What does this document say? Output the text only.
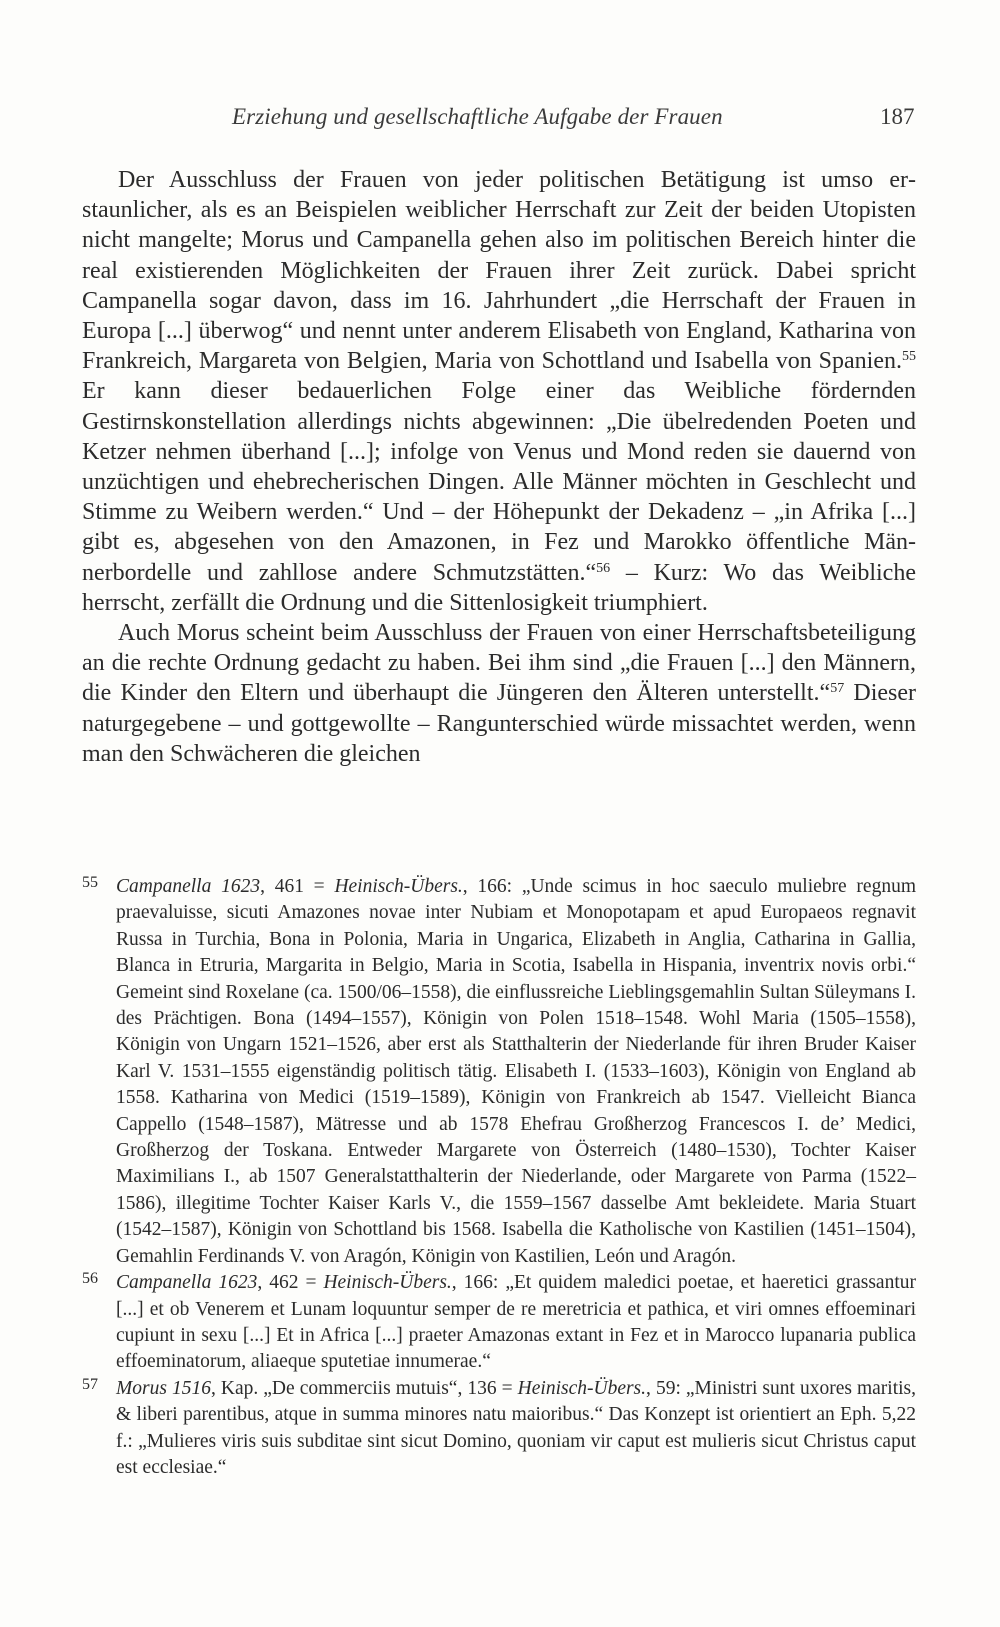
Erziehung und gesellschaftliche Aufgabe der Frauen	187

Der Ausschluss der Frauen von jeder politischen Betätigung ist umso erstaunlicher, als es an Beispielen weiblicher Herrschaft zur Zeit der beiden Utopisten nicht mangelte; Morus und Campanella gehen also im politischen Bereich hinter die real existierenden Möglichkeiten der Frauen ihrer Zeit zurück. Dabei spricht Campanella sogar davon, dass im 16. Jahrhundert „die Herrschaft der Frauen in Europa [...] überwog“ und nennt unter anderem Elisabeth von England, Katharina von Frankreich, Margareta von Belgien, Maria von Schottland und Isabella von Spanien.$^{55}$ Er kann dieser bedauerlichen Folge einer das Weibliche fördernden Gestirnskonstellation allerdings nichts abgewinnen: „Die übelredenden Poeten und Ketzer nehmen überhand [...]; infolge von Venus und Mond reden sie dauernd von unzüchtigen und ehebrecherischen Dingen. Alle Männer möchten in Geschlecht und Stimme zu Weibern werden.“ Und – der Höhepunkt der Dekadenz – „in Afrika [...] gibt es, abgesehen von den Amazonen, in Fez und Marokko öffentliche Männerbordelle und zahllose andere Schmutzstätten.“$^{56}$ – Kurz: Wo das Weibliche herrscht, zerfällt die Ordnung und die Sittenlosigkeit triumphiert.

Auch Morus scheint beim Ausschluss der Frauen von einer Herrschaftsbeteiligung an die rechte Ordnung gedacht zu haben. Bei ihm sind „die Frauen [...] den Männern, die Kinder den Eltern und überhaupt die Jüngeren den Älteren unterstellt.“$^{57}$ Dieser naturgegebene – und gottgewollte – Rangunterschied würde missachtet werden, wenn man den Schwächeren die gleichen

55 Campanella 1623, 461 = Heinisch-Übers., 166: „Unde scimus in hoc saeculo muliebre regnum praevaluisse, sicuti Amazones novae inter Nubiam et Monopotapam et apud Europaeos regnavit Russa in Turchia, Bona in Polonia, Maria in Ungarica, Elizabeth in Anglia, Catharina in Gallia, Blanca in Etruria, Margarita in Belgio, Maria in Scotia, Isabella in Hispania, inventrix novis orbi.“ Gemeint sind Roxelane (ca. 1500/06–1558), die einflussreiche Lieblingsgemahlin Sultan Süleymans I. des Prächtigen. Bona (1494–1557), Königin von Polen 1518–1548. Wohl Maria (1505–1558), Königin von Ungarn 1521–1526, aber erst als Statthalterin der Niederlande für ihren Bruder Kaiser Karl V. 1531–1555 eigenständig politisch tätig. Elisabeth I. (1533–1603), Königin von England ab 1558. Katharina von Medici (1519–1589), Königin von Frankreich ab 1547. Vielleicht Bianca Cappello (1548–1587), Mätresse und ab 1578 Ehefrau Großherzog Francescos I. de’ Medici, Großherzog der Toskana. Entweder Margarete von Österreich (1480–1530), Tochter Kaiser Maximilians I., ab 1507 Generalstatthalterin der Niederlande, oder Margarete von Parma (1522–1586), illegitime Tochter Kaiser Karls V., die 1559–1567 dasselbe Amt bekleidete. Maria Stuart (1542–1587), Königin von Schottland bis 1568. Isabella die Katholische von Kastilien (1451–1504), Gemahlin Ferdinands V. von Aragón, Königin von Kastilien, León und Aragón.

56 Campanella 1623, 462 = Heinisch-Übers., 166: „Et quidem maledici poetae, et haeretici grassantur [...] et ob Venerem et Lunam loquuntur semper de re meretricia et pathica, et viri omnes effoeminari cupiunt in sexu [...] Et in Africa [...] praeter Amazonas extant in Fez et in Marocco lupanaria publica effoeminatorum, aliaeque sputetiae innumerae.“

57 Morus 1516, Kap. „De commerciis mutuis“, 136 = Heinisch-Übers., 59: „Ministri sunt uxores maritis, & liberi parentibus, atque in summa minores natu maioribus.“ Das Konzept ist orientiert an Eph. 5,22 f.: „Mulieres viris suis subditae sint sicut Domino, quoniam vir caput est mulieris sicut Christus caput est ecclesiae.“
